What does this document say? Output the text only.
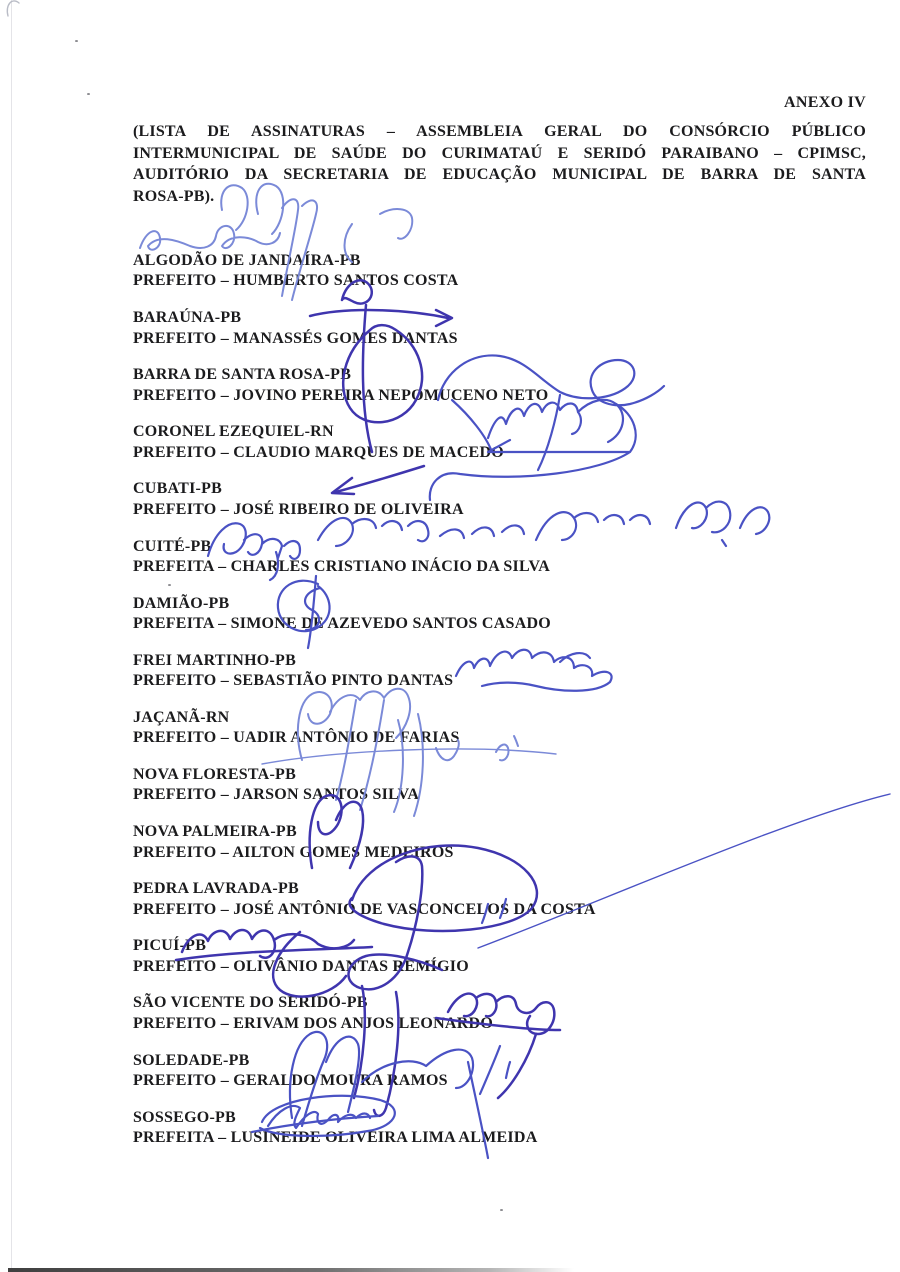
ANEXO IV
(LISTA DE ASSINATURAS – ASSEMBLEIA GERAL DO CONSÓRCIO PÚBLICO
INTERMUNICIPAL DE SAÚDE DO CURIMATAÚ E SERIDÓ PARAIBANO – CPIMSC,
AUDITÓRIO DA SECRETARIA DE EDUCAÇÃO MUNICIPAL DE BARRA DE SANTA
ROSA-PB).
ALGODÃO DE JANDAÍRA-PB
PREFEITO – HUMBERTO SANTOS COSTA
BARAÚNA-PB
PREFEITO – MANASSÉS GOMES DANTAS
BARRA DE SANTA ROSA-PB
PREFEITO – JOVINO PEREIRA NEPOMUCENO NETO
CORONEL EZEQUIEL-RN
PREFEITO – CLAUDIO MARQUES DE MACEDO
CUBATI-PB
PREFEITO – JOSÉ RIBEIRO DE OLIVEIRA
CUITÉ-PB
PREFEITA – CHARLES CRISTIANO INÁCIO DA SILVA
DAMIÃO-PB
PREFEITA – SIMONE DE AZEVEDO SANTOS CASADO
FREI MARTINHO-PB
PREFEITO – SEBASTIÃO PINTO DANTAS
JAÇANÃ-RN
PREFEITO – UADIR ANTÔNIO DE FARIAS
NOVA FLORESTA-PB
PREFEITO – JARSON SANTOS SILVA
NOVA PALMEIRA-PB
PREFEITO – AILTON GOMES MEDEIROS
PEDRA LAVRADA-PB
PREFEITO – JOSÉ ANTÔNIO DE VASCONCELOS DA COSTA
PICUÍ-PB
PREFEITO – OLIVÂNIO DANTAS REMÍGIO
SÃO VICENTE DO SERIDÓ-PB
PREFEITO – ERIVAM DOS ANJOS LEONARDO
SOLEDADE-PB
PREFEITO – GERALDO MOURA RAMOS
SOSSEGO-PB
PREFEITA – LUSINEIDE OLIVEIRA LIMA ALMEIDA
